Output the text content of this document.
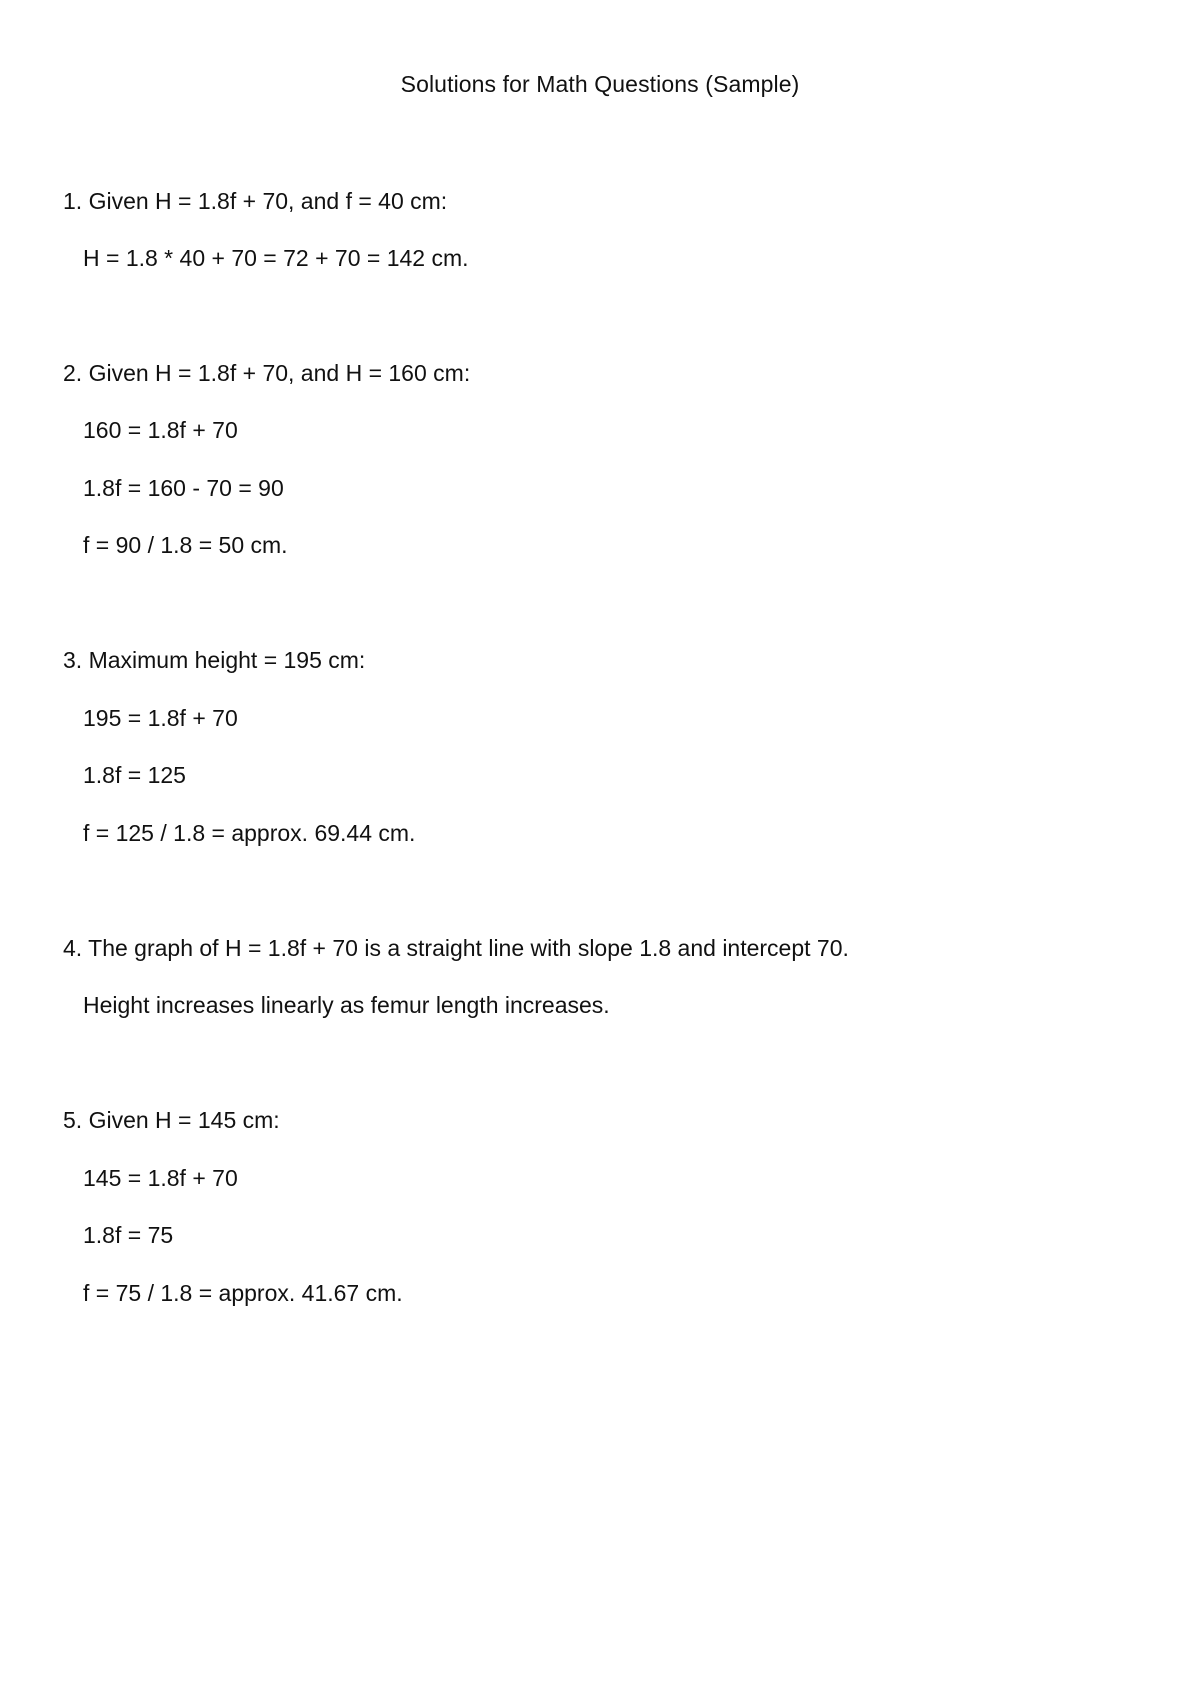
Solutions for Math Questions (Sample)
1. Given H = 1.8f + 70, and f = 40 cm:
H = 1.8 * 40 + 70 = 72 + 70 = 142 cm.
2. Given H = 1.8f + 70, and H = 160 cm:
160 = 1.8f + 70
1.8f = 160 - 70 = 90
f = 90 / 1.8 = 50 cm.
3. Maximum height = 195 cm:
195 = 1.8f + 70
1.8f = 125
f = 125 / 1.8 = approx. 69.44 cm.
4. The graph of H = 1.8f + 70 is a straight line with slope 1.8 and intercept 70.
Height increases linearly as femur length increases.
5. Given H = 145 cm:
145 = 1.8f + 70
1.8f = 75
f = 75 / 1.8 = approx. 41.67 cm.
